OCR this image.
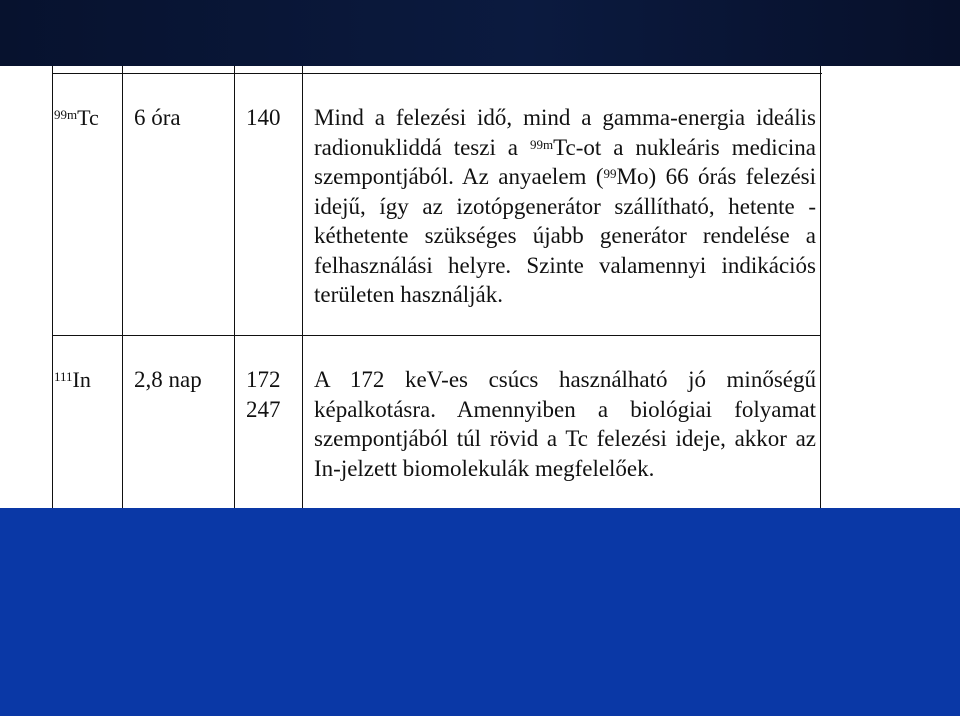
$^{99m}$Tc 6 óra	140 Mind a felezési idő, mind a gamma-energia ideális radionukliddá teszi a $^{99m}$Tc-ot a nukleáris medicina szempontjából. Az anyaelem ($^{99}$Mo) 66 órás felezési idejű, így az izotópgenerátor szállítható, hetente - kéthetente szükséges újabb generátor rendelése a felhasználási helyre. Szinte valamennyi indikációs területen használják.
$^{111}$In 2,8 nap 172
247
A 172 keV-es csúcs használható jó minőségű képalkotásra. Amennyiben a biológiai folyamat szempontjából túl rövid a Tc felezési ideje, akkor az In-jelzett biomolekulák megfelelőek.
